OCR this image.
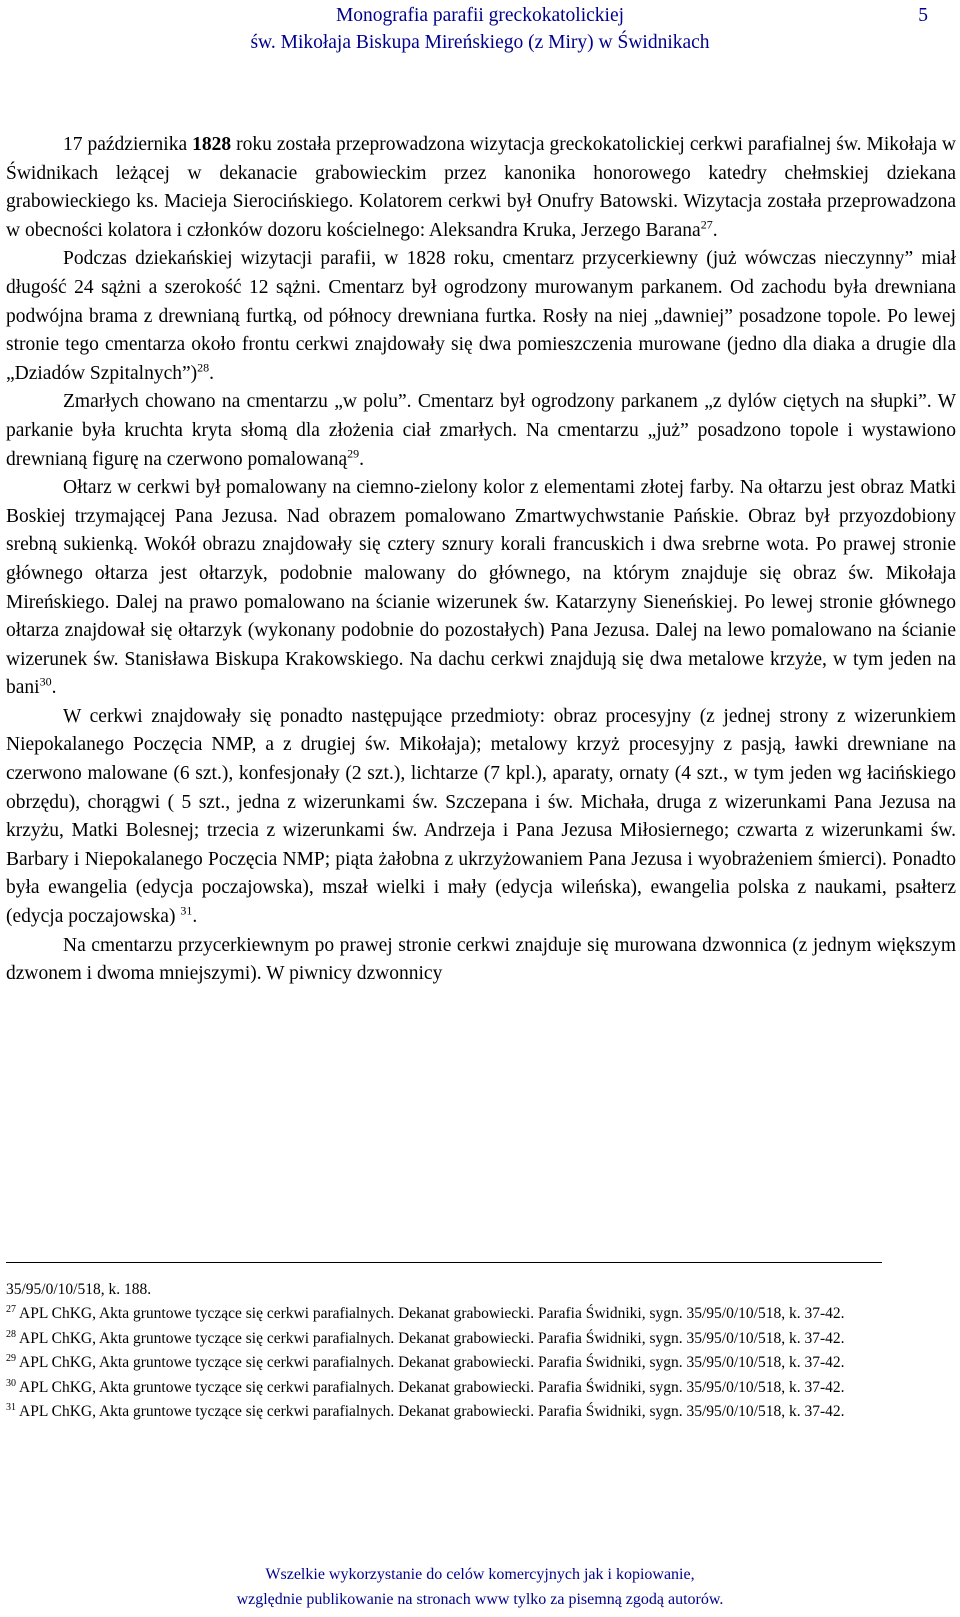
Monografia parafii greckokatolickiej
św. Mikołaja Biskupa Mireńskiego (z Miry) w Świdnikach
5

17 października 1828 roku została przeprowadzona wizytacja greckokatolickiej cerkwi parafialnej św. Mikołaja w Świdnikach leżącej w dekanacie grabowieckim przez kanonika honorowego katedry chełmskiej dziekana grabowieckiego ks. Macieja Sierocińskiego. Kolatorem cerkwi był Onufry Batowski. Wizytacja została przeprowadzona w obecności kolatora i członków dozoru kościelnego: Aleksandra Kruka, Jerzego Barana$^{27}$.

Podczas dziekańskiej wizytacji parafii, w 1828 roku, cmentarz przycerkiewny (już wówczas nieczynny” miał długość 24 sążni a szerokość 12 sążni. Cmentarz był ogrodzony murowanym parkanem. Od zachodu była drewniana podwójna brama z drewnianą furtką, od północy drewniana furtka. Rosły na niej „dawniej” posadzone topole. Po lewej stronie tego cmentarza około frontu cerkwi znajdowały się dwa pomieszczenia murowane (jedno dla diaka a drugie dla „Dziadów Szpitalnych”)$^{28}$.

Zmarłych chowano na cmentarzu „w polu”. Cmentarz był ogrodzony parkanem „z dylów ciętych na słupki”. W parkanie była kruchta kryta słomą dla złożenia ciał zmarłych. Na cmentarzu „już” posadzono topole i wystawiono drewnianą figurę na czerwono pomalowaną$^{29}$.

Ołtarz w cerkwi był pomalowany na ciemno-zielony kolor z elementami złotej farby. Na ołtarzu jest obraz Matki Boskiej trzymającej Pana Jezusa. Nad obrazem pomalowano Zmartwychwstanie Pańskie. Obraz był przyozdobiony srebną sukienką. Wokół obrazu znajdowały się cztery sznury korali francuskich i dwa srebrne wota. Po prawej stronie głównego ołtarza jest ołtarzyk, podobnie malowany do głównego, na którym znajduje się obraz św. Mikołaja Mireńskiego. Dalej na prawo pomalowano na ścianie wizerunek św. Katarzyny Sieneńskiej. Po lewej stronie głównego ołtarza znajdował się ołtarzyk (wykonany podobnie do pozostałych) Pana Jezusa. Dalej na lewo pomalowano na ścianie wizerunek św. Stanisława Biskupa Krakowskiego. Na dachu cerkwi znajdują się dwa metalowe krzyże, w tym jeden na bani$^{30}$.

W cerkwi znajdowały się ponadto następujące przedmioty: obraz procesyjny (z jednej strony z wizerunkiem Niepokalanego Poczęcia NMP, a z drugiej św. Mikołaja); metalowy krzyż procesyjny z pasją, ławki drewniane na czerwono malowane (6 szt.), konfesjonały (2 szt.), lichtarze (7 kpl.), aparaty, ornaty (4 szt., w tym jeden wg łacińskiego obrzędu), chorągwi ( 5 szt., jedna z wizerunkami św. Szczepana i św. Michała, druga z wizerunkami Pana Jezusa na krzyżu, Matki Bolesnej; trzecia z wizerunkami św. Andrzeja i Pana Jezusa Miłosiernego; czwarta z wizerunkami św. Barbary i Niepokalanego Poczęcia NMP; piąta żałobna z ukrzyżowaniem Pana Jezusa i wyobrażeniem śmierci). Ponadto była ewangelia (edycja poczajowska), mszał wielki i mały (edycja wileńska), ewangelia polska z naukami, psałterz (edycja poczajowska) $^{31}$.

Na cmentarzu przycerkiewnym po prawej stronie cerkwi znajduje się murowana dzwonnica (z jednym większym dzwonem i dwoma mniejszymi). W piwnicy dzwonnicy

35/95/0/10/518, k. 188.

$^{27}$ APL ChKG, Akta gruntowe tyczące się cerkwi parafialnych. Dekanat grabowiecki. Parafia Świdniki, sygn. 35/95/0/10/518, k. 37-42.

$^{28}$ APL ChKG, Akta gruntowe tyczące się cerkwi parafialnych. Dekanat grabowiecki. Parafia Świdniki, sygn. 35/95/0/10/518, k. 37-42.

$^{29}$ APL ChKG, Akta gruntowe tyczące się cerkwi parafialnych. Dekanat grabowiecki. Parafia Świdniki, sygn. 35/95/0/10/518, k. 37-42.

$^{30}$ APL ChKG, Akta gruntowe tyczące się cerkwi parafialnych. Dekanat grabowiecki. Parafia Świdniki, sygn. 35/95/0/10/518, k. 37-42.

$^{31}$ APL ChKG, Akta gruntowe tyczące się cerkwi parafialnych. Dekanat grabowiecki. Parafia Świdniki, sygn. 35/95/0/10/518, k. 37-42.

Wszelkie wykorzystanie do celów komercyjnych jak i kopiowanie,
względnie publikowanie na stronach www tylko za pisemną zgodą autorów.
